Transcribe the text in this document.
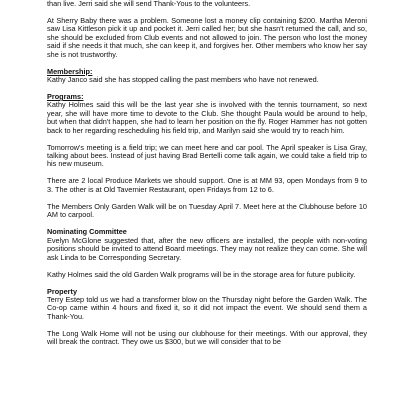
than live. Jerri said she will send Thank-Yous to the volunteers.

At Sherry Baby there was a problem. Someone lost a money clip containing $200. Martha Meroni saw Lisa Kittleson pick it up and pocket it. Jerri called her; but she hasn't returned the call, and so, she should be excluded from Club events and not allowed to join. The person who lost the money said if she needs it that much, she can keep it, and forgives her. Other members who know her say she is not trustworthy.

Membership:

Kathy Janco said she has stopped calling the past members who have not renewed.

Programs:

Kathy Holmes said this will be the last year she is involved with the tennis tournament, so next year, she will have more time to devote to the Club. She thought Paula would be around to help, but when that didn't happen, she had to learn her position on the fly. Roger Hammer has not gotten back to her regarding rescheduling his field trip, and Marilyn said she would try to reach him.

Tomorrow's meeting is a field trip; we can meet here and car pool. The April speaker is Lisa Gray, talking about bees. Instead of just having Brad Bertelli come talk again, we could take a field trip to his new museum.

There are 2 local Produce Markets we should support. One is at MM 93, open Mondays from 9 to 3. The other is at Old Tavernier Restaurant, open Fridays from 12 to 6.

The Members Only Garden Walk will be on Tuesday April 7. Meet here at the Clubhouse before 10 AM to carpool.

Nominating Committee

Evelyn McGlone suggested that, after the new officers are installed, the people with non-voting positions should be invited to attend Board meetings. They may not realize they can come. She will ask Linda to be Corresponding Secretary.

Kathy Holmes said the old Garden Walk programs will be in the storage area for future publicity.

Property

Terry Estep told us we had a transformer blow on the Thursday night before the Garden Walk. The Co-op came within 4 hours and fixed it, so it did not impact the event. We should send them a Thank-You.

The Long Walk Home will not be using our clubhouse for their meetings. With our approval, they will break the contract. They owe us $300, but we will consider that to be
